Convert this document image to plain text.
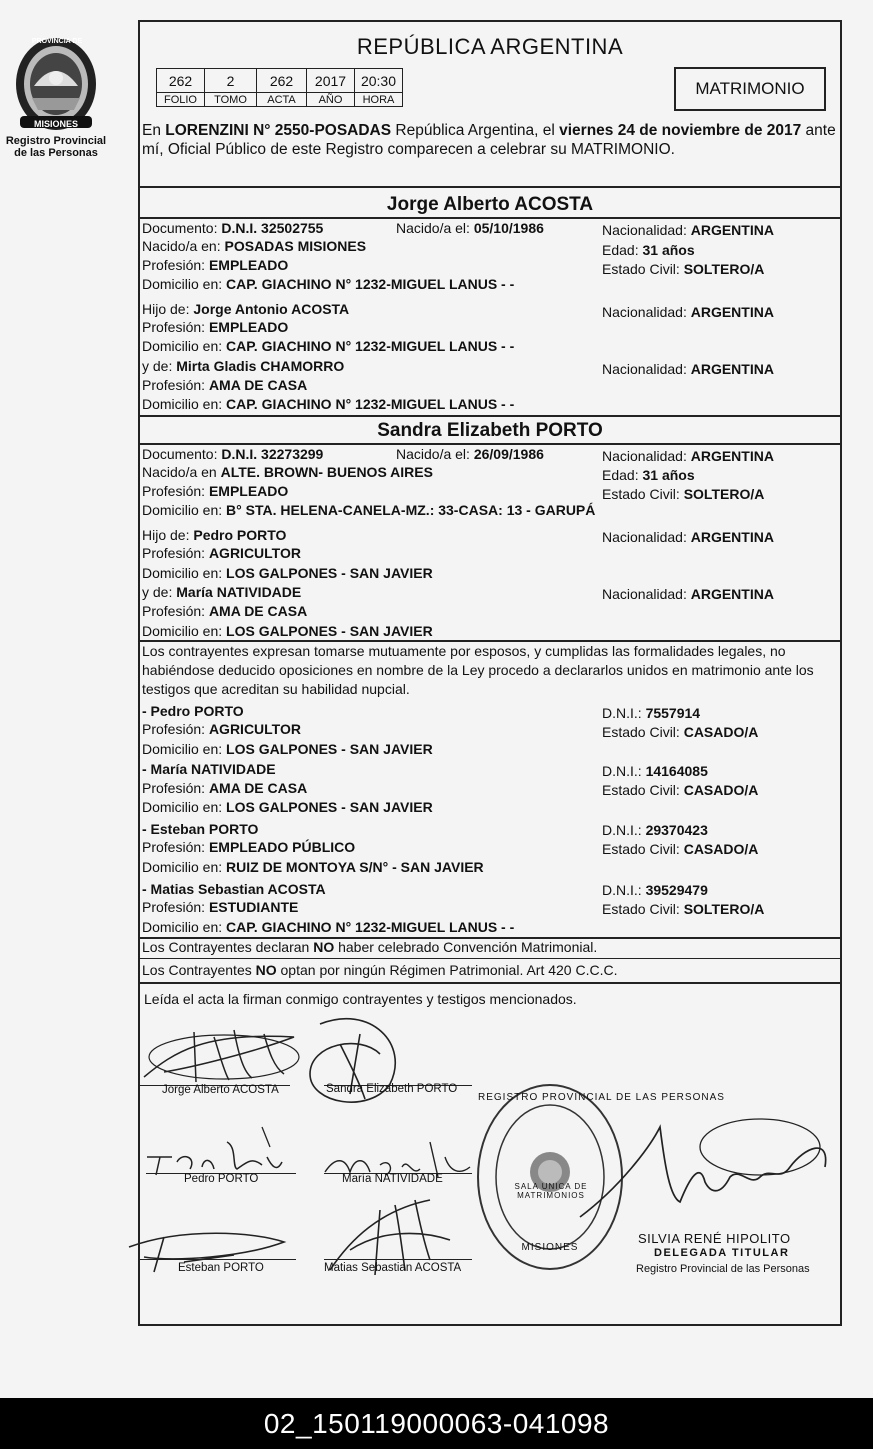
PROVINCIA DE
MISIONES
Registro Provincial
de las Personas
REPÚBLICA ARGENTINA
262	2	262	2017	20:30
FOLIO	TOMO	ACTA	AÑO	HORA
MATRIMONIO
En LORENZINI N° 2550-POSADAS República Argentina, el viernes 24 de noviembre de 2017 ante mí, Oficial Público de este Registro comparecen a celebrar su MATRIMONIO.
Jorge Alberto ACOSTA
Documento: D.N.I. 32502755	Nacido/a el: 05/10/1986	Nacionalidad: ARGENTINA
Nacido/a en: POSADAS MISIONES	Edad: 31 años
Profesión: EMPLEADO	Estado Civil: SOLTERO/A
Domicilio en: CAP. GIACHINO N° 1232-MIGUEL LANUS - -
Hijo de: Jorge Antonio ACOSTA	Nacionalidad: ARGENTINA
Profesión: EMPLEADO
Domicilio en: CAP. GIACHINO N° 1232-MIGUEL LANUS - -
y de: Mirta Gladis CHAMORRO	Nacionalidad: ARGENTINA
Profesión: AMA DE CASA
Domicilio en: CAP. GIACHINO N° 1232-MIGUEL LANUS - -
Sandra Elizabeth PORTO
Documento: D.N.I. 32273299	Nacido/a el: 26/09/1986	Nacionalidad: ARGENTINA
Nacido/a en ALTE. BROWN- BUENOS AIRES	Edad: 31 años
Profesión: EMPLEADO	Estado Civil: SOLTERO/A
Domicilio en: B° STA. HELENA-CANELA-MZ.: 33-CASA: 13 - GARUPÁ
Hijo de: Pedro PORTO	Nacionalidad: ARGENTINA
Profesión: AGRICULTOR
Domicilio en: LOS GALPONES - SAN JAVIER
y de: María NATIVIDADE	Nacionalidad: ARGENTINA
Profesión: AMA DE CASA
Domicilio en: LOS GALPONES - SAN JAVIER
Los contrayentes expresan tomarse mutuamente por esposos, y cumplidas las formalidades legales, no habiéndose deducido oposiciones en nombre de la Ley procedo a declararlos unidos en matrimonio ante los testigos que acreditan su habilidad nupcial.
- Pedro PORTO	D.N.I.: 7557914
Profesión: AGRICULTOR	Estado Civil: CASADO/A
Domicilio en: LOS GALPONES - SAN JAVIER
- María NATIVIDADE	D.N.I.: 14164085
Profesión: AMA DE CASA	Estado Civil: CASADO/A
Domicilio en: LOS GALPONES - SAN JAVIER
- Esteban PORTO	D.N.I.: 29370423
Profesión: EMPLEADO PÚBLICO	Estado Civil: CASADO/A
Domicilio en: RUIZ DE MONTOYA S/N° - SAN JAVIER
- Matias Sebastian ACOSTA	D.N.I.: 39529479
Profesión: ESTUDIANTE	Estado Civil: SOLTERO/A
Domicilio en: CAP. GIACHINO N° 1232-MIGUEL LANUS - -
Los Contrayentes declaran NO haber celebrado Convención Matrimonial.
Los Contrayentes NO optan por ningún Régimen Patrimonial. Art 420 C.C.C.
Leída el acta la firman conmigo contrayentes y testigos mencionados.
Jorge Alberto ACOSTA	Sandra Elizabeth PORTO
Pedro PORTO	María NATIVIDADE
Esteban PORTO	Matias Sebastian ACOSTA
REGISTRO PROVINCIAL DE LAS PERSONAS
SALA UNICA DE MATRIMONIOS
MISIONES
SILVIA RENÉ HIPOLITO
DELEGADA TITULAR
Registro Provincial de las Personas
02_150119000063-041098
